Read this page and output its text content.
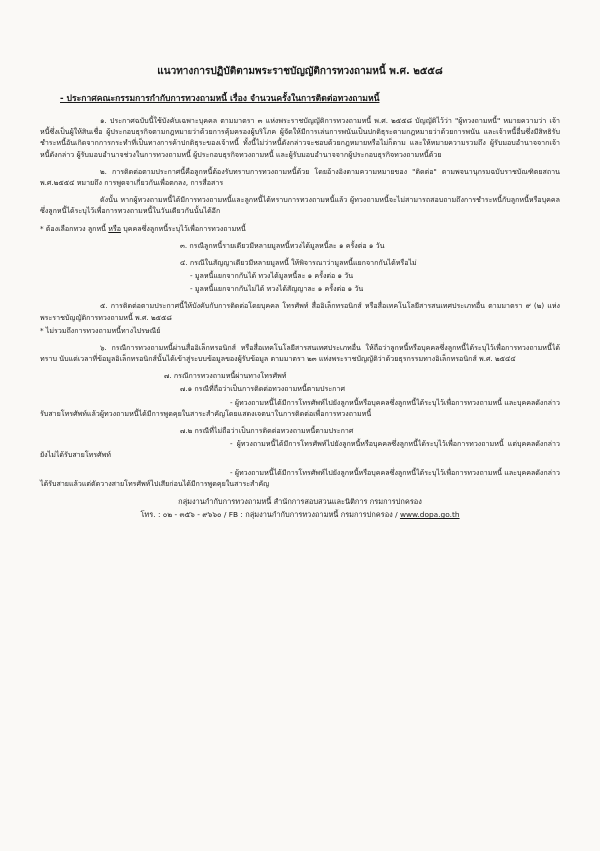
แนวทางการปฏิบัติตามพระราชบัญญัติการทวงถามหนี้ พ.ศ. ๒๕๕๘
- ประกาศคณะกรรมการกำกับการทวงถามหนี้ เรื่อง จำนวนครั้งในการติดต่อทวงถามหนี้
๑. ประกาศฉบับนี้ใช้บังคับเฉพาะบุคคล ตามมาตรา ๓ แห่งพระราชบัญญัติการทวงถามหนี้ พ.ศ. ๒๕๕๘ บัญญัติไว้ว่า "ผู้ทวงถามหนี้" หมายความว่า เจ้าหนี้ซึ่งเป็นผู้ให้สินเชื่อ ผู้ประกอบธุรกิจตามกฎหมายว่าด้วยการคุ้มครองผู้บริโภค ผู้จัดให้มีการเล่นการพนันเป็นปกติธุระตามกฎหมายว่าด้วยการพนัน และเจ้าหนี้อื่นซึ่งมีสิทธิรับชำระหนี้อันเกิดจากการกระทำที่เป็นทางการค้าปกติธุระของเจ้าหนี้ ทั้งนี้ไม่ว่าหนี้ดังกล่าวจะชอบด้วยกฎหมายหรือไม่ก็ตาม และให้หมายความรวมถึง ผู้รับมอบอำนาจจากเจ้าหนี้ดังกล่าว ผู้รับมอบอำนาจช่วงในการทวงถามหนี้ ผู้ประกอบธุรกิจทวงถามหนี้ และผู้รับมอบอำนาจจากผู้ประกอบธุรกิจทวงถามหนี้ด้วย
๒. การติดต่อตามประกาศนี้คือลูกหนี้ต้องรับทราบการทวงถามหนี้ด้วย โดยอ้างอิงตามความหมายของ "ติดต่อ" ตามพจนานุกรมฉบับราชบัณฑิตยสถาน พ.ศ.๒๕๕๔ หมายถึง การพูดจาเกี่ยวกันเพื่อตกลง, การสื่อสาร
ดังนั้น หากผู้ทวงถามหนี้ได้มีการทวงถามหนี้และลูกหนี้ได้ทราบการทวงถามหนี้แล้ว ผู้ทวงถามหนี้จะไม่สามารถสอบถามถึงการชำระหนี้กับลูกหนี้หรือบุคคลซึ่งลูกหนี้ได้ระบุไว้เพื่อการทวงถามหนี้ในวันเดียวกันนั้นได้อีก
* ต้องเลือกทวง ลูกหนี้ หรือ บุคคลซึ่งลูกหนี้ระบุไว้เพื่อการทวงถามหนี้
๓. กรณีลูกหนี้รายเดียวมีหลายมูลหนี้ทวงได้มูลหนี้ละ ๑ ครั้งต่อ ๑ วัน
๔. กรณีในสัญญาเดียวมีหลายมูลหนี้ ให้พิจารณาว่ามูลหนี้แยกจากกันได้หรือไม่
- มูลหนี้แยกจากกันได้ ทวงได้มูลหนี้ละ ๑ ครั้งต่อ ๑ วัน
- มูลหนี้แยกจากกันไม่ได้ ทวงได้สัญญาละ ๑ ครั้งต่อ ๑ วัน
๕. การติดต่อตามประกาศนี้ให้บังคับกับการติดต่อโดยบุคคล โทรศัพท์ สื่ออิเล็กทรอนิกส์ หรือสื่อเทคโนโลยีสารสนเทศประเภทอื่น ตามมาตรา ๙ (๒) แห่งพระราชบัญญัติการทวงถามหนี้ พ.ศ. ๒๕๕๘
* ไม่รวมถึงการทวงถามหนี้ทางไปรษณีย์
๖. กรณีการทวงถามหนี้ผ่านสื่ออิเล็กทรอนิกส์ หรือสื่อเทคโนโลยีสารสนเทศประเภทอื่น ให้ถือว่าลูกหนี้หรือบุคคลซึ่งลูกหนี้ได้ระบุไว้เพื่อการทวงถามหนี้ได้ทราบ นับแต่เวลาที่ข้อมูลอิเล็กทรอนิกส์นั้นได้เข้าสู่ระบบข้อมูลของผู้รับข้อมูล ตามมาตรา ๒๓ แห่งพระราชบัญญัติว่าด้วยธุรกรรมทางอิเล็กทรอนิกส์ พ.ศ. ๒๕๔๔
๗. กรณีการทวงถามหนี้ผ่านทางโทรศัพท์
๗.๑ กรณีที่ถือว่าเป็นการติดต่อทวงถามหนี้ตามประกาศ
- ผู้ทวงถามหนี้ได้มีการโทรศัพท์ไปยังลูกหนี้หรือบุคคลซึ่งลูกหนี้ได้ระบุไว้เพื่อการทวงถามหนี้ และบุคคลดังกล่าวรับสายโทรศัพท์แล้วผู้ทวงถามหนี้ได้มีการพูดคุยในสาระสำคัญโดยแสดงเจตนาในการติดต่อเพื่อการทวงถามหนี้
๗.๒ กรณีที่ไม่ถือว่าเป็นการติดต่อทวงถามหนี้ตามประกาศ
- ผู้ทวงถามหนี้ได้มีการโทรศัพท์ไปยังลูกหนี้หรือบุคคลซึ่งลูกหนี้ได้ระบุไว้เพื่อการทวงถามหนี้ แต่บุคคลดังกล่าวยังไม่ได้รับสายโทรศัพท์
- ผู้ทวงถามหนี้ได้มีการโทรศัพท์ไปยังลูกหนี้หรือบุคคลซึ่งลูกหนี้ได้ระบุไว้เพื่อการทวงถามหนี้ และบุคคลดังกล่าวได้รับสายแล้วแต่ตัดวางสายโทรศัพท์ไปเสียก่อนได้มีการพูดคุยในสาระสำคัญ
กลุ่มงานกำกับการทวงถามหนี้ สำนักการสอบสวนและนิติการ กรมการปกครอง
โทร. : ๐๒ - ๓๕๖ - ๙๖๖๐ / FB : กลุ่มงานกำกับการทวงถามหนี้ กรมการปกครอง / www.dopa.go.th
